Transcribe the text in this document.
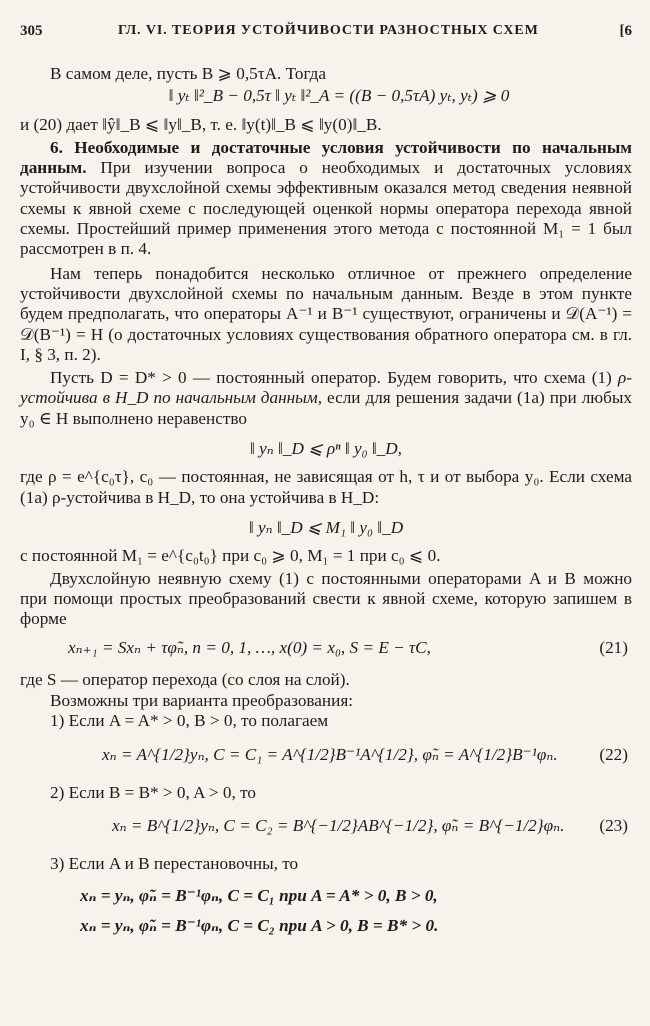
305	ГЛ. VI. ТЕОРИЯ УСТОЙЧИВОСТИ РАЗНОСТНЫХ СХЕМ	[6

В самом деле, пусть B ⩾ 0,5τA. Тогда

‖ yₜ ‖²_B − 0,5τ ‖ yₜ ‖²_A = ((B − 0,5τA) yₜ, yₜ) ⩾ 0

и (20) дает ‖ŷ‖_B ⩽ ‖y‖_B, т. е. ‖y(t)‖_B ⩽ ‖y(0)‖_B.

6. Необходимые и достаточные условия устойчивости по начальным данным. При изучении вопроса о необходимых и достаточных условиях устойчивости двухслойной схемы эффективным оказался метод сведения неявной схемы к явной схеме с последующей оценкой нормы оператора перехода явной схемы. Простейший пример применения этого метода с постоянной M₁ = 1 был рассмотрен в п. 4.

Нам теперь понадобится несколько отличное от прежнего определение устойчивости двухслойной схемы по начальным данным. Везде в этом пункте будем предполагать, что операторы A⁻¹ и B⁻¹ существуют, ограничены и 𝒟(A⁻¹) = 𝒟(B⁻¹) = H (о достаточных условиях существования обратного оператора см. в гл. I, § 3, п. 2).

Пусть D = D* > 0 — постоянный оператор. Будем говорить, что схема (1) ρ-устойчива в H_D по начальным данным, если для решения задачи (1а) при любых y₀ ∈ H выполнено неравенство

‖ yₙ ‖_D ⩽ ρⁿ ‖ y₀ ‖_D,

где ρ = e^{c₀τ}, c₀ — постоянная, не зависящая от h, τ и от выбора y₀. Если схема (1а) ρ-устойчива в H_D, то она устойчива в H_D:

‖ yₙ ‖_D ⩽ M₁ ‖ y₀ ‖_D

с постоянной M₁ = e^{c₀t₀} при c₀ ⩾ 0, M₁ = 1 при c₀ ⩽ 0.

Двухслойную неявную схему (1) с постоянными операторами A и B можно при помощи простых преобразований свести к явной схеме, которую запишем в форме

xₙ₊₁ = Sxₙ + τφ̃ₙ, n = 0, 1, …, x(0) = x₀, S = E − τC,	(21)

где S — оператор перехода (со слоя на слой).

Возможны три варианта преобразования:

1) Если A = A* > 0, B > 0, то полагаем

xₙ = A^{1/2}yₙ, C = C₁ = A^{1/2}B⁻¹A^{1/2}, φ̃ₙ = A^{1/2}B⁻¹φₙ. (22)

2) Если B = B* > 0, A > 0, то

xₙ = B^{1/2}yₙ, C = C₂ = B^{−1/2}AB^{−1/2}, φ̃ₙ = B^{−1/2}φₙ. (23)

3) Если A и B перестановочны, то

xₙ = yₙ, φ̃ₙ = B⁻¹φₙ, C = C₁ при A = A* > 0, B > 0,
xₙ = yₙ, φ̃ₙ = B⁻¹φₙ, C = C₂ при A > 0, B = B* > 0.
